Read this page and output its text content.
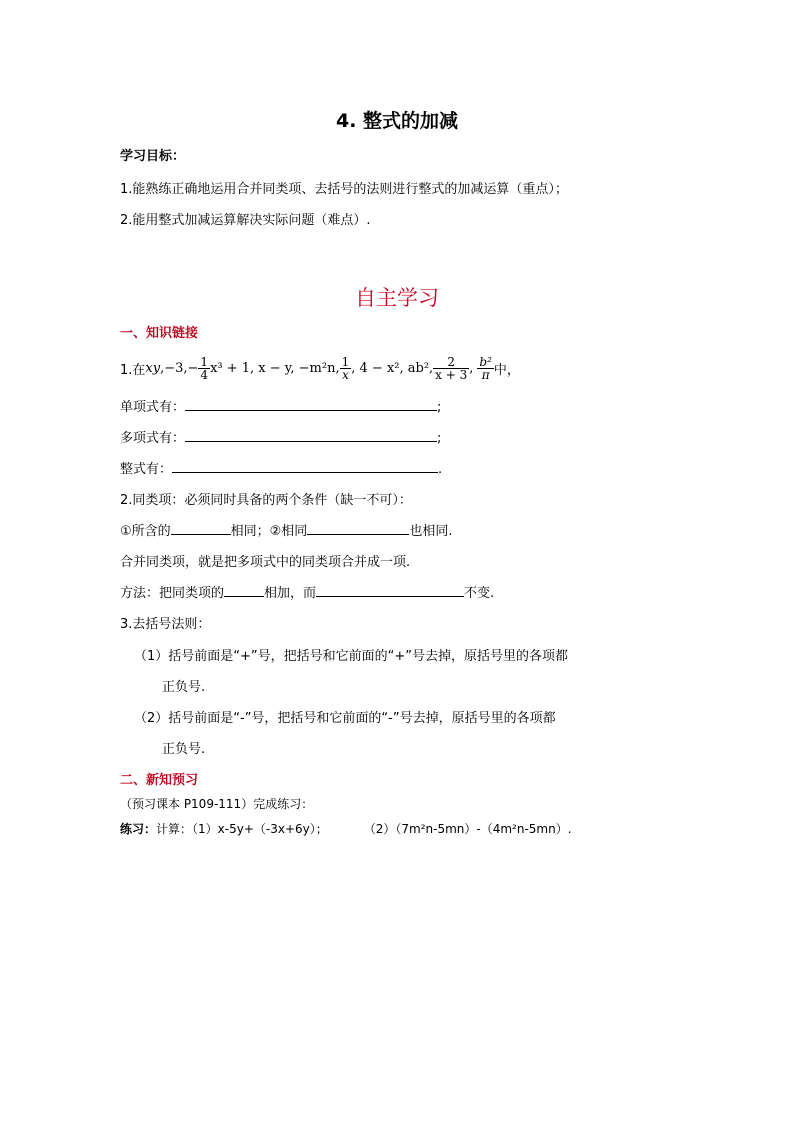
4. 整式的加减
学习目标：
1.能熟练正确地运用合并同类项、去括号的法则进行整式的加减运算（重点）；
2.能用整式加减运算解决实际问题（难点）.
自主学习
一、知识链接
1.在 xy $,-3,- \frac{1}{4} x^3 + 1$, x − y, −m²n, $\frac{1}{x}$ , 4 − x², ab², $\frac{2}{x + 3}$ , $\frac{\text{b²}}{\pi}$ 中，
单项式有：	;
多项式有：	;
整式有：	.
2.同类项：必须同时具备的两个条件（缺一不可）：
①所含的	相同；②相同	也相同.
合并同类项，就是把多项式中的同类项合并成一项.
方法：把同类项的	相加，而	不变.
3.去括号法则：
（1）括号前面是“+”号，把括号和它前面的“+”号去掉，原括号里的各项都
正负号.
（2）括号前面是“-”号，把括号和它前面的“-”号去掉，原括号里的各项都
正负号.
二、新知预习
（预习课本 P109-111）完成练习：
练习：计算：（1）x-5y+（-3x+6y）；	（2）（7m²n-5mn）-（4m²n-5mn）.
